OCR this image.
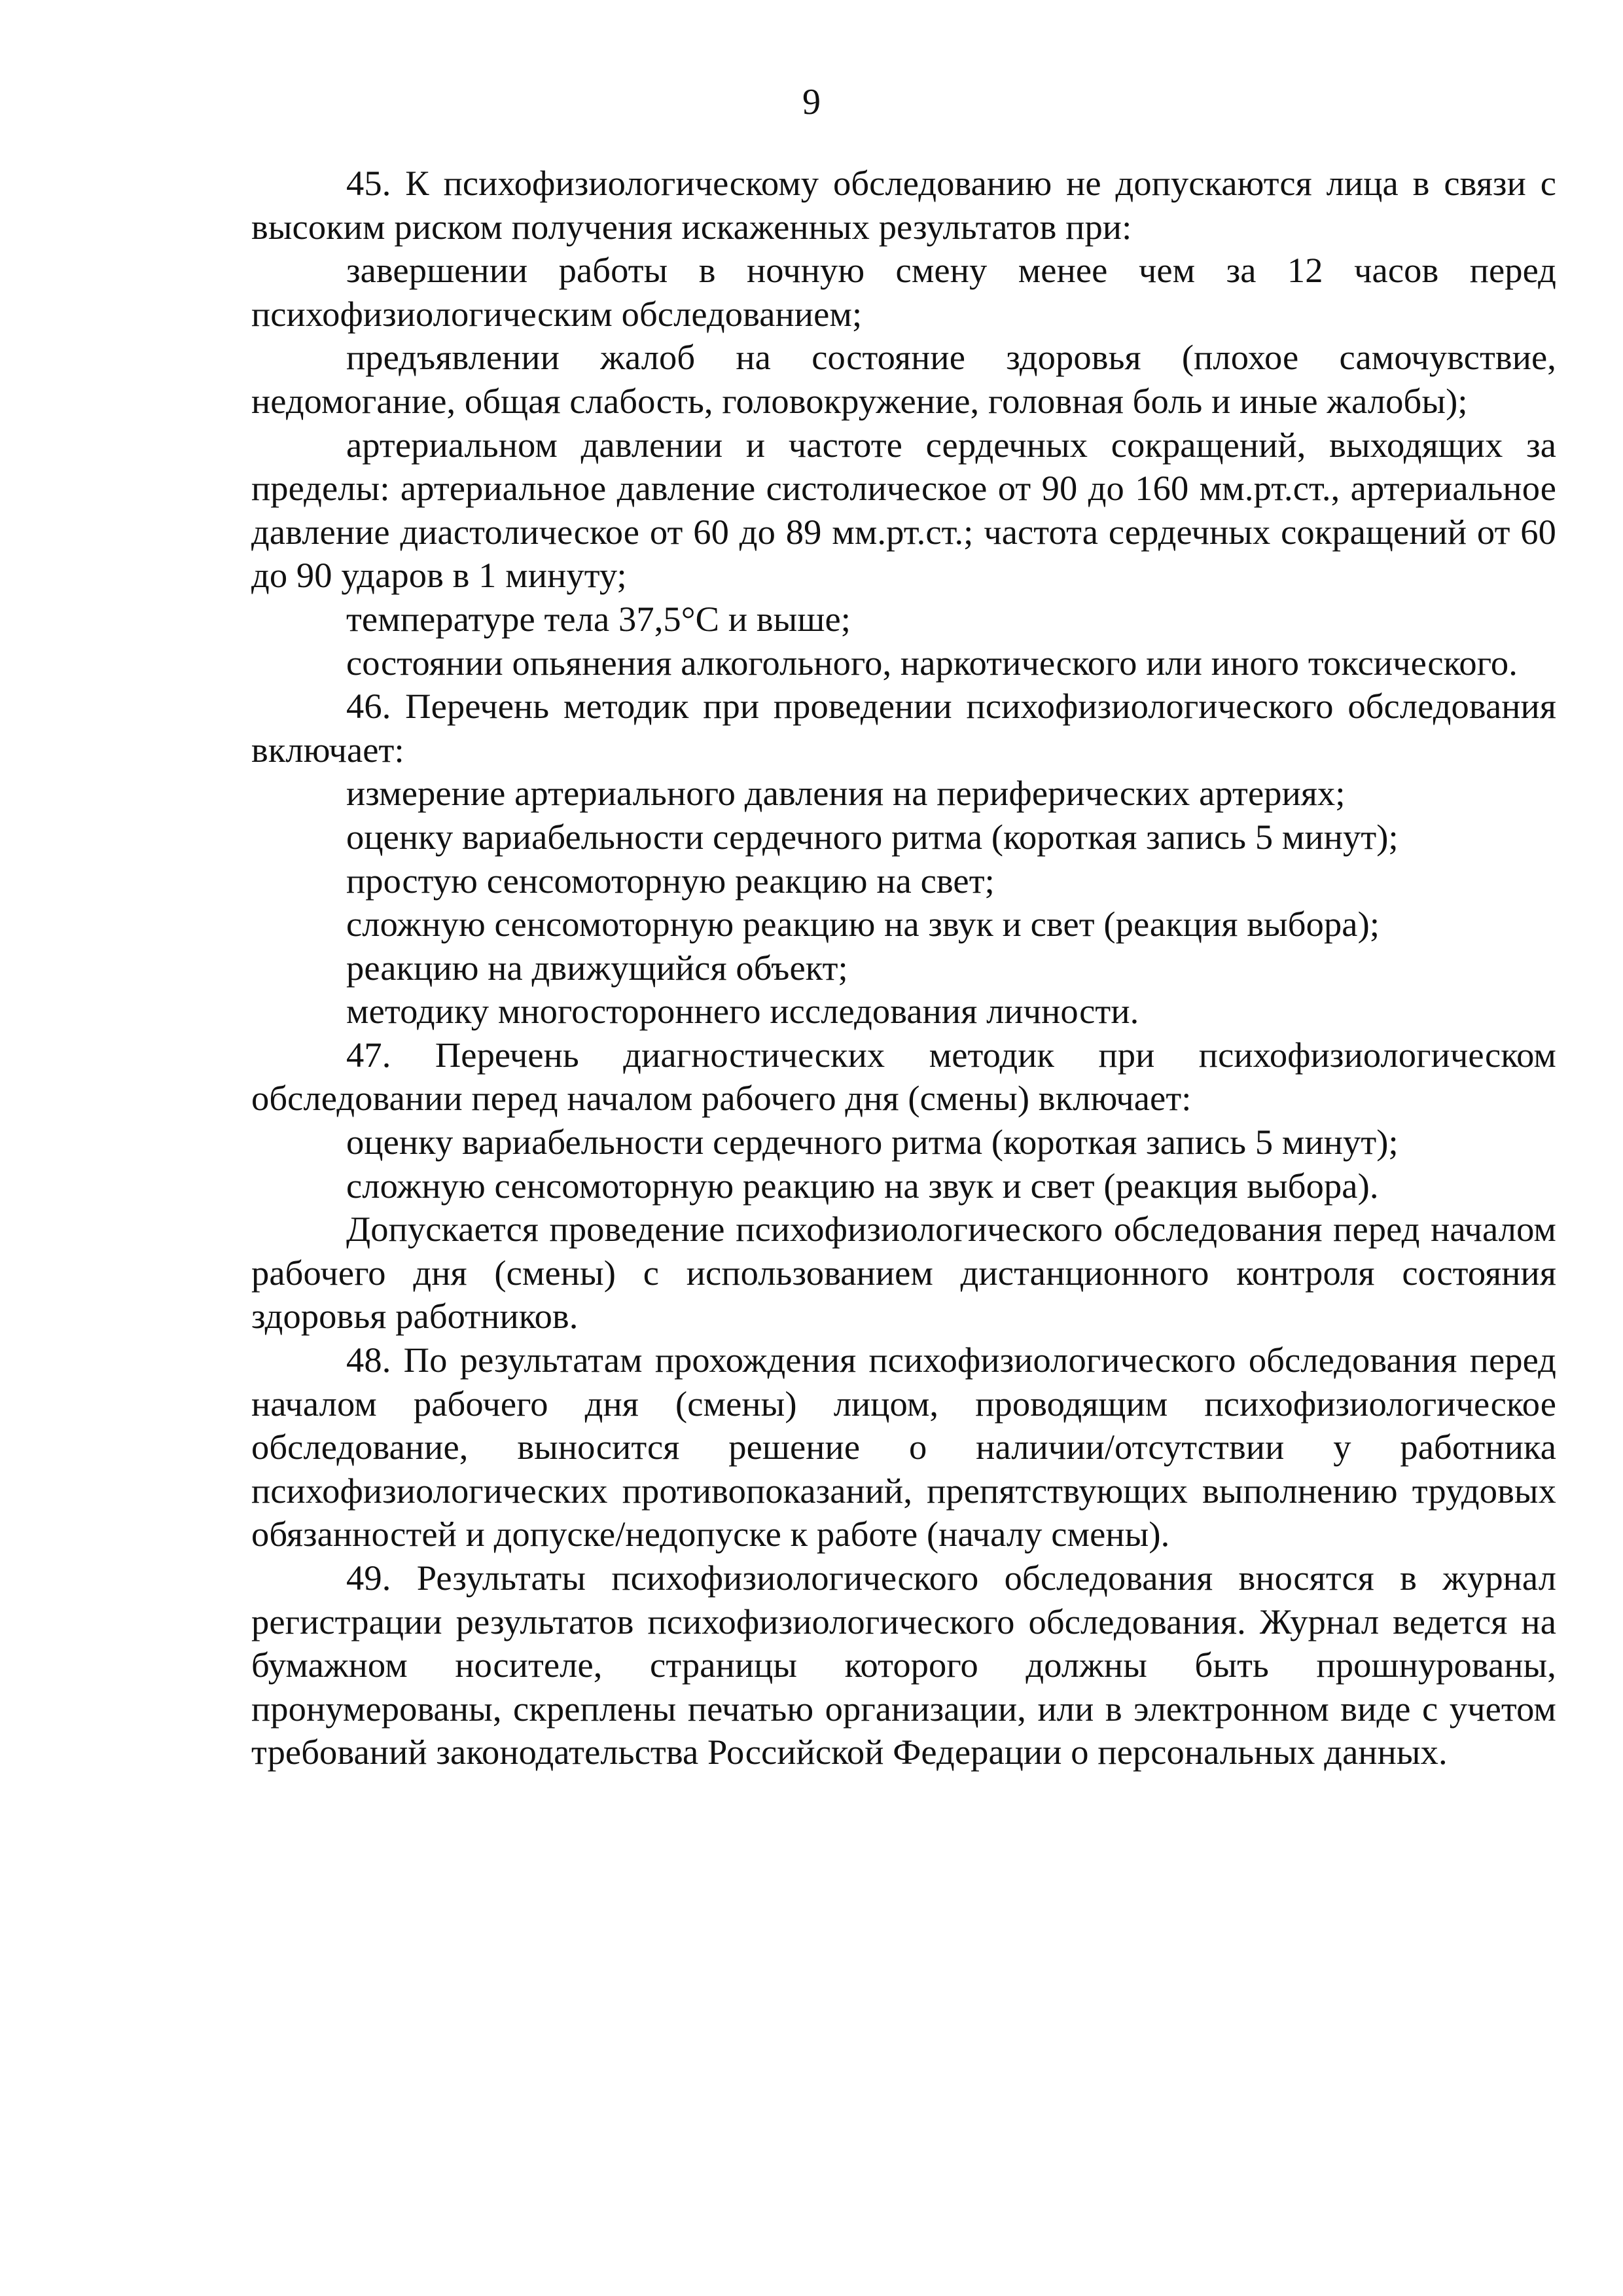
9

45. К психофизиологическому обследованию не допускаются лица в связи с высоким риском получения искаженных результатов при:

завершении работы в ночную смену менее чем за 12 часов перед психофизиологическим обследованием;

предъявлении жалоб на состояние здоровья (плохое самочувствие, недомогание, общая слабость, головокружение, головная боль и иные жалобы);

артериальном давлении и частоте сердечных сокращений, выходящих за пределы: артериальное давление систолическое от 90 до 160 мм.рт.ст., артериальное давление диастолическое от 60 до 89 мм.рт.ст.; частота сердечных сокращений от 60 до 90 ударов в 1 минуту;

температуре тела 37,5°С и выше;

состоянии опьянения алкогольного, наркотического или иного токсического.

46. Перечень методик при проведении психофизиологического обследования включает:

измерение артериального давления на периферических артериях;

оценку вариабельности сердечного ритма (короткая запись 5 минут);

простую сенсомоторную реакцию на свет;

сложную сенсомоторную реакцию на звук и свет (реакция выбора);

реакцию на движущийся объект;

методику многостороннего исследования личности.

47. Перечень диагностических методик при психофизиологическом обследовании перед началом рабочего дня (смены) включает:

оценку вариабельности сердечного ритма (короткая запись 5 минут);

сложную сенсомоторную реакцию на звук и свет (реакция выбора).

Допускается проведение психофизиологического обследования перед началом рабочего дня (смены) с использованием дистанционного контроля состояния здоровья работников.

48. По результатам прохождения психофизиологического обследования перед началом рабочего дня (смены) лицом, проводящим психофизиологическое обследование, выносится решение о наличии/отсутствии у работника психофизиологических противопоказаний, препятствующих выполнению трудовых обязанностей и допуске/недопуске к работе (началу смены).

49. Результаты психофизиологического обследования вносятся в журнал регистрации результатов психофизиологического обследования. Журнал ведется на бумажном носителе, страницы которого должны быть прошнурованы, пронумерованы, скреплены печатью организации, или в электронном виде с учетом требований законодательства Российской Федерации о персональных данных.
